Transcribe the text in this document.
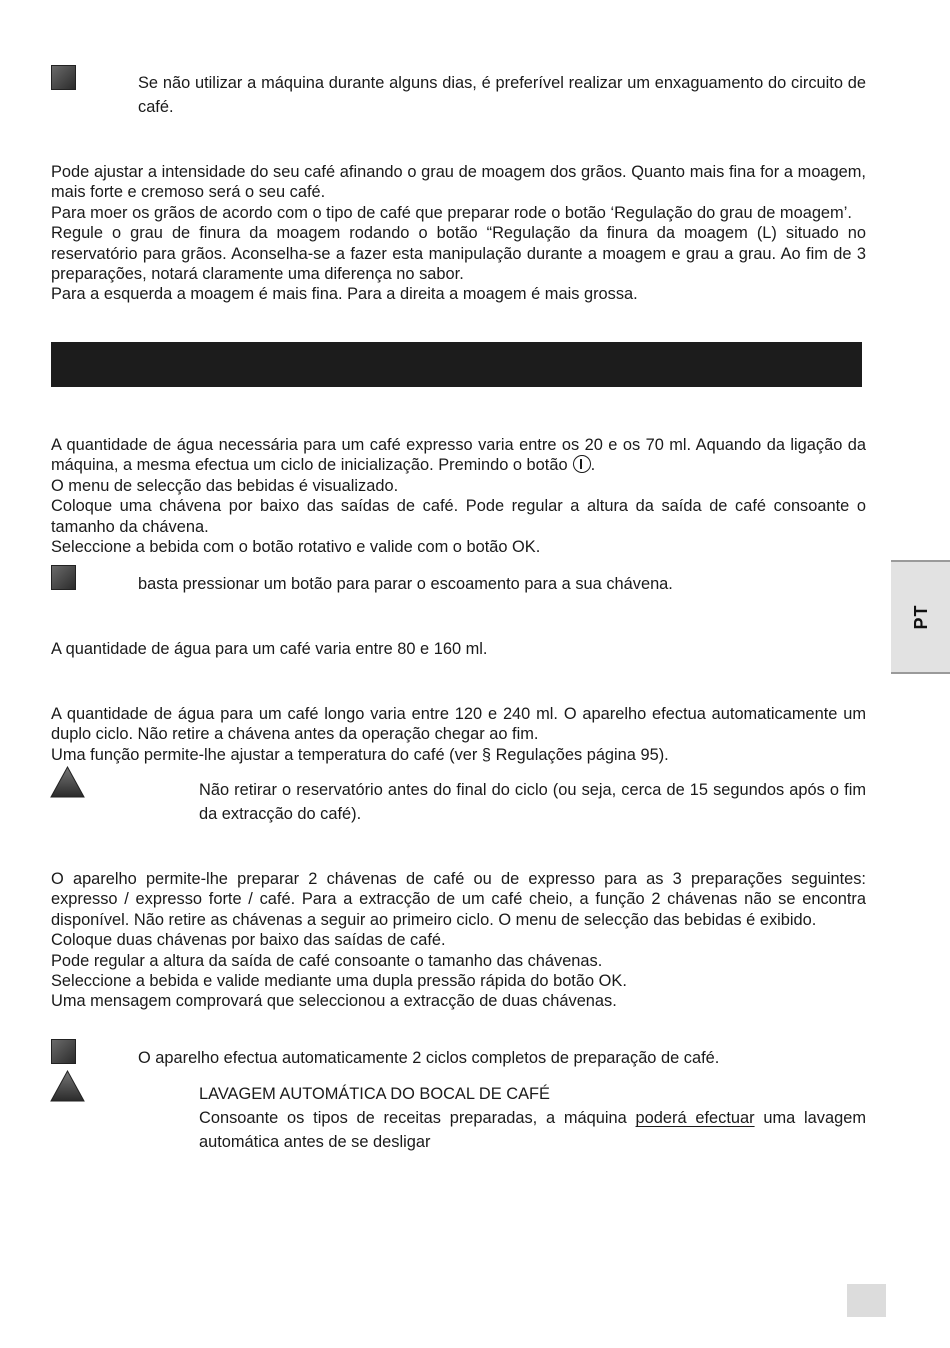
Se não utilizar a máquina durante alguns dias, é preferível realizar um enxaguamento do circuito de café.

Pode ajustar a intensidade do seu café afinando o grau de moagem dos grãos. Quanto mais fina for a moagem, mais forte e cremoso será o seu café.

Para moer os grãos de acordo com o tipo de café que preparar rode o botão ‘Regulação do grau de moagem’.

Regule o grau de finura da moagem rodando o botão “Regulação da finura da moagem (L) situado no reservatório para grãos. Aconselha-se a fazer esta manipulação durante a moagem e grau a grau. Ao fim de 3 preparações, notará claramente uma diferença no sabor.

Para a esquerda a moagem é mais fina. Para a direita a moagem é mais grossa.

A quantidade de água necessária para um café expresso varia entre os 20 e os 70 ml. Aquando da ligação da máquina, a mesma efectua um ciclo de inicialização. Premindo o botão .

O menu de selecção das bebidas é visualizado.

Coloque uma chávena por baixo das saídas de café. Pode regular a altura da saída de café consoante o tamanho da chávena.

Seleccione a bebida com o botão rotativo e valide com o botão OK.

basta pressionar um botão para parar o escoamento para a sua chávena.

A quantidade de água para um café varia entre 80 e 160 ml.

A quantidade de água para um café longo varia entre 120 e 240 ml. O aparelho efectua automaticamente um duplo ciclo. Não retire a chávena antes da operação chegar ao fim.

Uma função permite-lhe ajustar a temperatura do café (ver § Regulações página 95).

Não retirar o reservatório antes do final do ciclo (ou seja, cerca de 15 segundos após o fim da extracção do café).

O aparelho permite-lhe preparar 2 chávenas de café ou de expresso para as 3 preparações seguintes: expresso / expresso forte / café. Para a extracção de um café cheio, a função 2 chávenas não se encontra disponível. Não retire as chávenas a seguir ao primeiro ciclo. O menu de selecção das bebidas é exibido.

Coloque duas chávenas por baixo das saídas de café.

Pode regular a altura da saída de café consoante o tamanho das chávenas.

Seleccione a bebida e valide mediante uma dupla pressão rápida do botão OK.

Uma mensagem comprovará que seleccionou a extracção de duas chávenas.

O aparelho efectua automaticamente 2 ciclos completos de preparação de café.

LAVAGEM AUTOMÁTICA DO BOCAL DE CAFÉ

Consoante os tipos de receitas preparadas, a máquina poderá efectuar uma lavagem automática antes de se desligar

PT
